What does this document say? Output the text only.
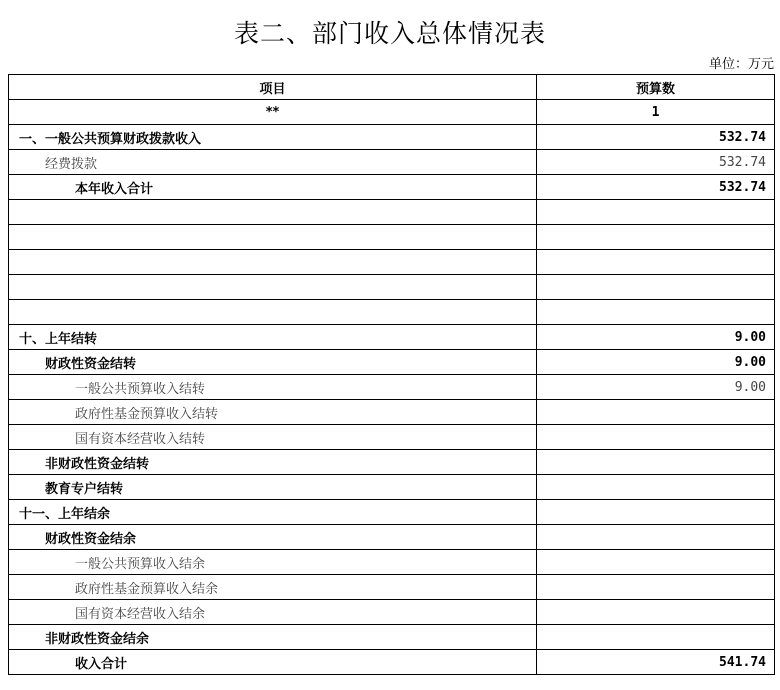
表二、部门收入总体情况表
单位：万元
项目	预算数
**	1
一、一般公共预算财政拨款收入	532.74
经费拨款	532.74
本年收入合计	532.74

十、上年结转	9.00
财政性资金结转	9.00
一般公共预算收入结转	9.00
政府性基金预算收入结转	
国有资本经营收入结转	
非财政性资金结转	
教育专户结转	
十一、上年结余	
财政性资金结余	
一般公共预算收入结余	
政府性基金预算收入结余	
国有资本经营收入结余	
非财政性资金结余	
收入合计	541.74
